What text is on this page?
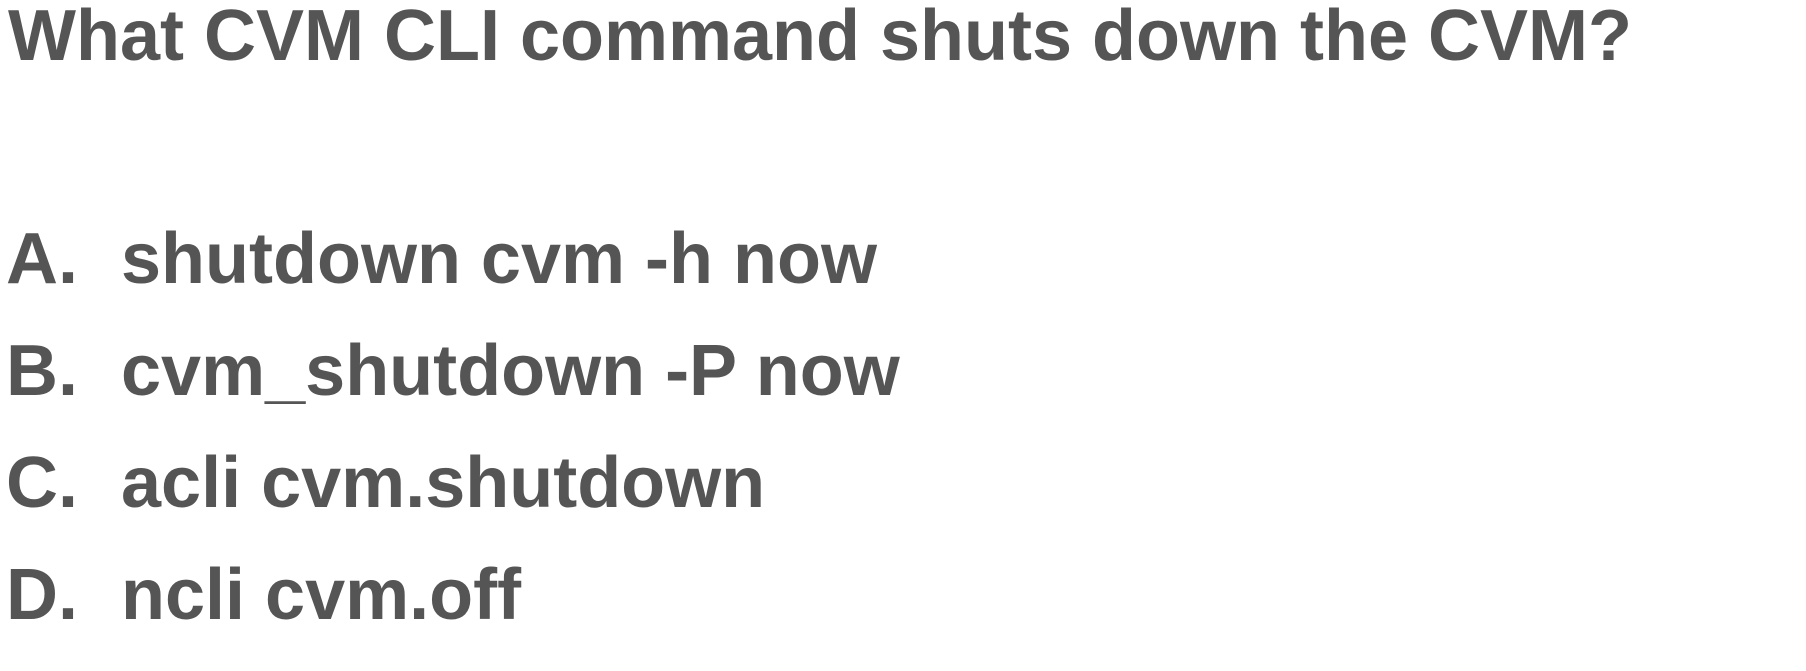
What CVM CLI command shuts down the CVM?
A. shutdown cvm -h now
B. cvm_shutdown -P now
C. acli cvm.shutdown
D. ncli cvm.off
